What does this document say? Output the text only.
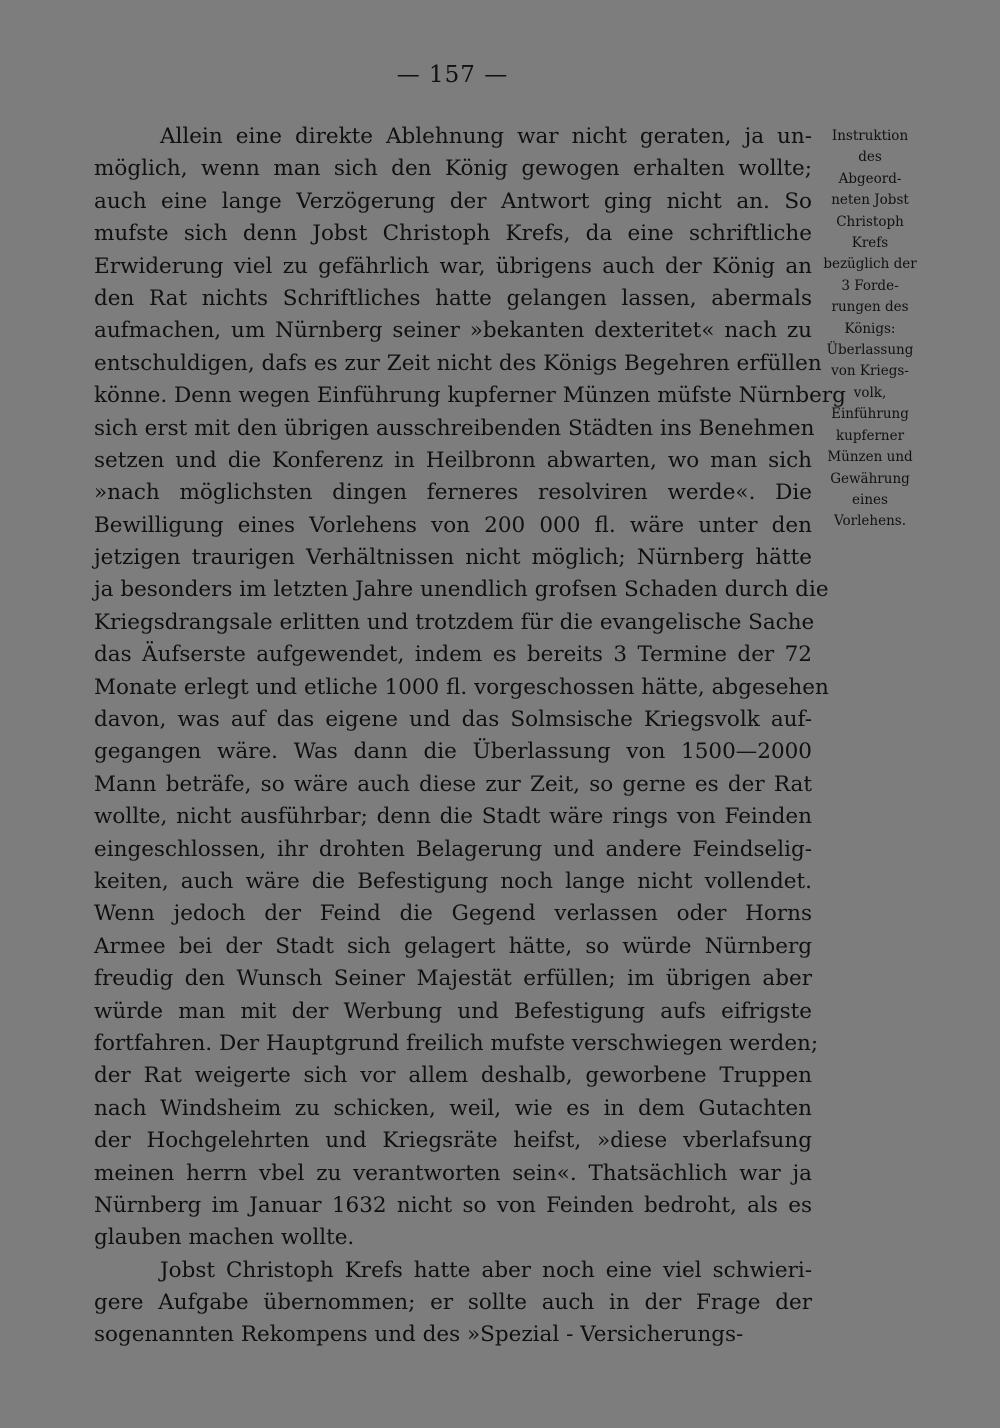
— 157 —
Allein eine direkte Ablehnung war nicht geraten, ja un-
möglich, wenn man sich den König gewogen erhalten wollte;
auch eine lange Verzögerung der Antwort ging nicht an. So
mufste sich denn Jobst Christoph Krefs, da eine schriftliche
Erwiderung viel zu gefährlich war, übrigens auch der König an
den Rat nichts Schriftliches hatte gelangen lassen, abermals
aufmachen, um Nürnberg seiner »bekanten dexteritet« nach zu
entschuldigen, dafs es zur Zeit nicht des Königs Begehren erfüllen
könne. Denn wegen Einführung kupferner Münzen müfste Nürnberg
sich erst mit den übrigen ausschreibenden Städten ins Benehmen
setzen und die Konferenz in Heilbronn abwarten, wo man sich
»nach möglichsten dingen ferneres resolviren werde«. Die
Bewilligung eines Vorlehens von 200 000 fl. wäre unter den
jetzigen traurigen Verhältnissen nicht möglich; Nürnberg hätte
ja besonders im letzten Jahre unendlich grofsen Schaden durch die
Kriegsdrangsale erlitten und trotzdem für die evangelische Sache
das Äufserste aufgewendet, indem es bereits 3 Termine der 72
Monate erlegt und etliche 1000 fl. vorgeschossen hätte, abgesehen
davon, was auf das eigene und das Solmsische Kriegsvolk auf-
gegangen wäre. Was dann die Überlassung von 1500—2000
Mann beträfe, so wäre auch diese zur Zeit, so gerne es der Rat
wollte, nicht ausführbar; denn die Stadt wäre rings von Feinden
eingeschlossen, ihr drohten Belagerung und andere Feindselig-
keiten, auch wäre die Befestigung noch lange nicht vollendet.
Wenn jedoch der Feind die Gegend verlassen oder Horns
Armee bei der Stadt sich gelagert hätte, so würde Nürnberg
freudig den Wunsch Seiner Majestät erfüllen; im übrigen aber
würde man mit der Werbung und Befestigung aufs eifrigste
fortfahren. Der Hauptgrund freilich mufste verschwiegen werden;
der Rat weigerte sich vor allem deshalb, geworbene Truppen
nach Windsheim zu schicken, weil, wie es in dem Gutachten
der Hochgelehrten und Kriegsräte heifst, »diese vberlafsung
meinen herrn vbel zu verantworten sein«. Thatsächlich war ja
Nürnberg im Januar 1632 nicht so von Feinden bedroht, als es
glauben machen wollte.
Jobst Christoph Krefs hatte aber noch eine viel schwieri-
gere Aufgabe übernommen; er sollte auch in der Frage der
sogenannten Rekompens und des »Spezial - Versicherungs-
Instruktion
des
Abgeord-
neten Jobst
Christoph
Krefs
bezüglich der
3 Forde-
rungen des
Königs:
Überlassung
von Kriegs-
volk,
Einführung
kupferner
Münzen und
Gewährung
eines
Vorlehens.
